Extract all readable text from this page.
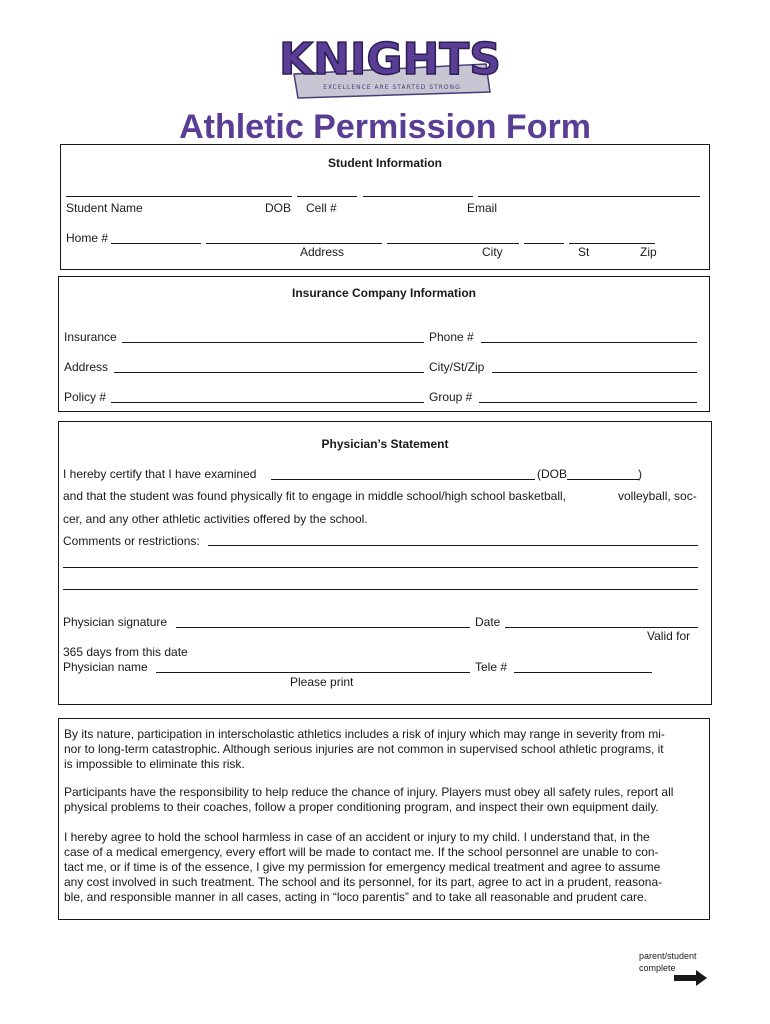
KNIGHTS
EXCELLENCE ARE STARTED STRONG
Athletic Permission Form
Student Information
Student Name	DOB Cell #	Email
Home #
Address	City	St	Zip
Insurance Company Information
Insurance	Phone #
Address	City/St/Zip
Policy #	Group #
Physician’s Statement
I hereby certify that I have examined	(DOB	)
and that the student was found physically fit to engage in middle school/high school basketball,	volleyball, soc-
cer, and any other athletic activities offered by the school.
Comments or restrictions:
Physician signature	Date
Valid for
365 days from this date
Physician name	Tele #
Please print
By its nature, participation in interscholastic athletics includes a risk of injury which may range in severity from mi-
nor to long-term catastrophic. Although serious injuries are not common in supervised school athletic programs, it
is impossible to eliminate this risk.
Participants have the responsibility to help reduce the chance of injury. Players must obey all safety rules, report all
physical problems to their coaches, follow a proper conditioning program, and inspect their own equipment daily.
I hereby agree to hold the school harmless in case of an accident or injury to my child. I understand that, in the
case of a medical emergency, every effort will be made to contact me. If the school personnel are unable to con-
tact me, or if time is of the essence, I give my permission for emergency medical treatment and agree to assume
any cost involved in such treatment. The school and its personnel, for its part, agree to act in a prudent, reasona-
ble, and responsible manner in all cases, acting in “loco parentis” and to take all reasonable and prudent care.
parent/student
complete
